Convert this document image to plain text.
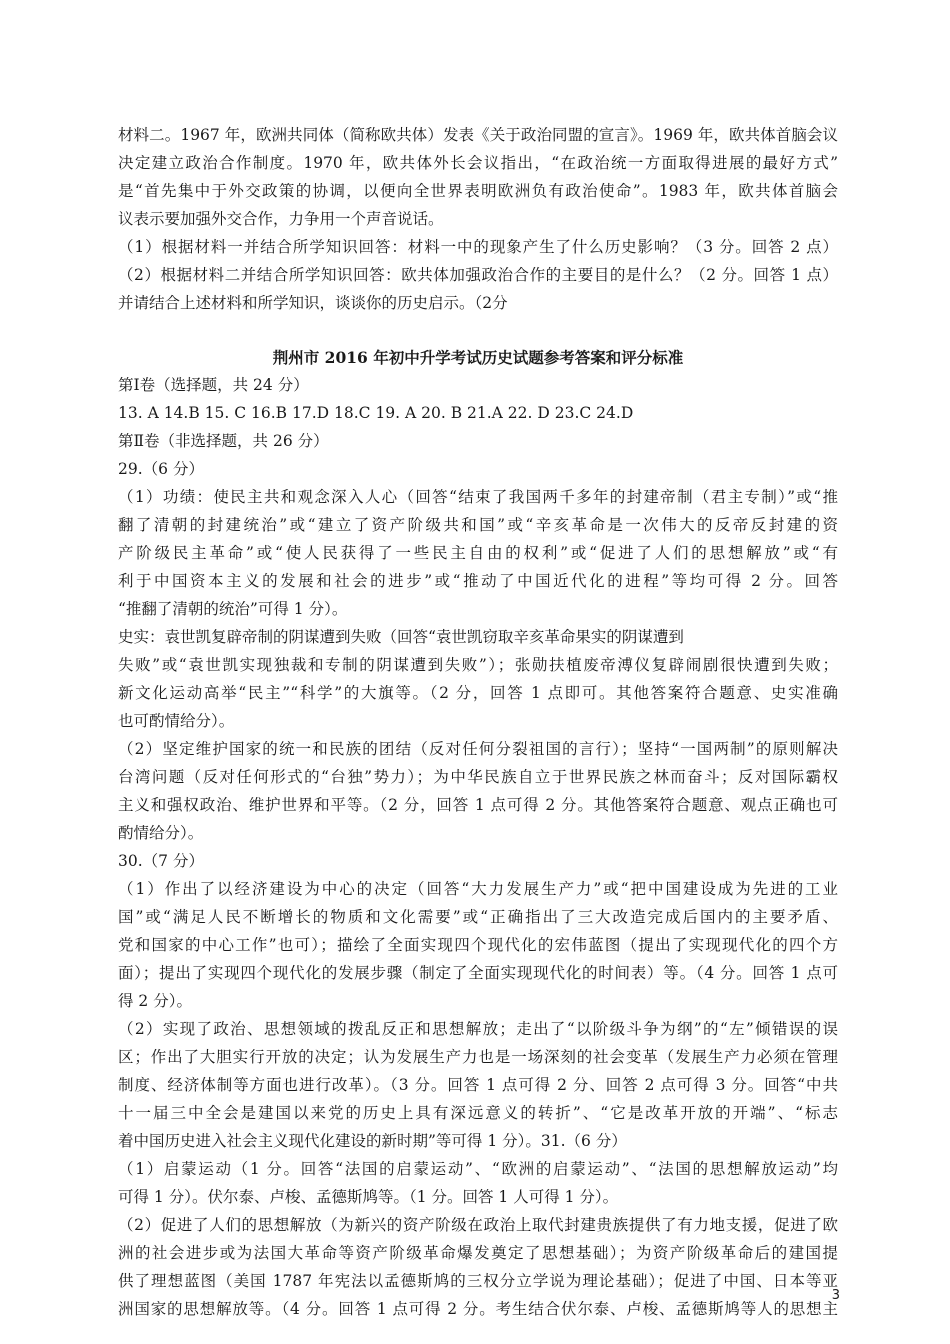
材料二。1967 年，欧洲共同体（简称欧共体）发表《关于政治同盟的宣言》。1969 年，欧共体首脑会议
决定建立政治合作制度。1970 年，欧共体外长会议指出，“在政治统一方面取得进展的最好方式”
是“首先集中于外交政策的协调，以便向全世界表明欧洲负有政治使命”。1983 年，欧共体首脑会
议表示要加强外交合作，力争用一个声音说话。
（1）根据材料一并结合所学知识回答：材料一中的现象产生了什么历史影响？（3 分。回答 2 点）
（2）根据材料二并结合所学知识回答：欧共体加强政治合作的主要目的是什么？（2 分。回答 1 点）
并请结合上述材料和所学知识，谈谈你的历史启示。（2分
荆州市 2016 年初中升学考试历史试题参考答案和评分标准
第Ⅰ卷（选择题，共 24 分）
13. A 14.B 15. C 16.B 17.D 18.C 19. A 20. B 21.A 22. D 23.C 24.D
第Ⅱ卷（非选择题，共 26 分）
29.（6 分）
（1）功绩：使民主共和观念深入人心（回答“结束了我国两千多年的封建帝制（君主专制）”或“推
翻了清朝的封建统治”或“建立了资产阶级共和国”或“辛亥革命是一次伟大的反帝反封建的资
产阶级民主革命”或“使人民获得了一些民主自由的权利”或“促进了人们的思想解放”或“有
利于中国资本主义的发展和社会的进步”或“推动了中国近代化的进程”等均可得 2 分。回答
“推翻了清朝的统治”可得 1 分）。
史实：袁世凯复辟帝制的阴谋遭到失败（回答“袁世凯窃取辛亥革命果实的阴谋遭到
失败”或“袁世凯实现独裁和专制的阴谋遭到失败”）；张勋扶植废帝溥仪复辟闹剧很快遭到失败；
新文化运动高举“民主”“科学”的大旗等。（2 分，回答 1 点即可。其他答案符合题意、史实准确
也可酌情给分）。
（2）坚定维护国家的统一和民族的团结（反对任何分裂祖国的言行）；坚持“一国两制”的原则解决
台湾问题（反对任何形式的“台独”势力）；为中华民族自立于世界民族之林而奋斗；反对国际霸权
主义和强权政治、维护世界和平等。（2 分，回答 1 点可得 2 分。其他答案符合题意、观点正确也可
酌情给分）。
30.（7 分）
（1）作出了以经济建设为中心的决定（回答“大力发展生产力”或“把中国建设成为先进的工业
国”或“满足人民不断增长的物质和文化需要”或“正确指出了三大改造完成后国内的主要矛盾、
党和国家的中心工作”也可）；描绘了全面实现四个现代化的宏伟蓝图（提出了实现现代化的四个方
面）；提出了实现四个现代化的发展步骤（制定了全面实现现代化的时间表）等。（4 分。回答 1 点可
得 2 分）。
（2）实现了政治、思想领域的拨乱反正和思想解放；走出了“以阶级斗争为纲”的“左”倾错误的误
区；作出了大胆实行开放的决定；认为发展生产力也是一场深刻的社会变革（发展生产力必须在管理
制度、经济体制等方面也进行改革）。（3 分。回答 1 点可得 2 分、回答 2 点可得 3 分。回答“中共
十一届三中全会是建国以来党的历史上具有深远意义的转折”、“它是改革开放的开端”、“标志
着中国历史进入社会主义现代化建设的新时期”等可得 1 分）。31.（6 分）
（1）启蒙运动（1 分。回答“法国的启蒙运动”、“欧洲的启蒙运动”、“法国的思想解放运动”均
可得 1 分）。伏尔泰、卢梭、孟德斯鸠等。（1 分。回答 1 人可得 1 分）。
（2）促进了人们的思想解放（为新兴的资产阶级在政治上取代封建贵族提供了有力地支援，促进了欧
洲的社会进步或为法国大革命等资产阶级革命爆发奠定了思想基础）；为资产阶级革命后的建国提
供了理想蓝图（美国 1787 年宪法以孟德斯鸠的三权分立学说为理论基础）；促进了中国、日本等亚
洲国家的思想解放等。（4 分。回答 1 点可得 2 分。考生结合伏尔泰、卢梭、孟德斯鸠等人的思想主
3
